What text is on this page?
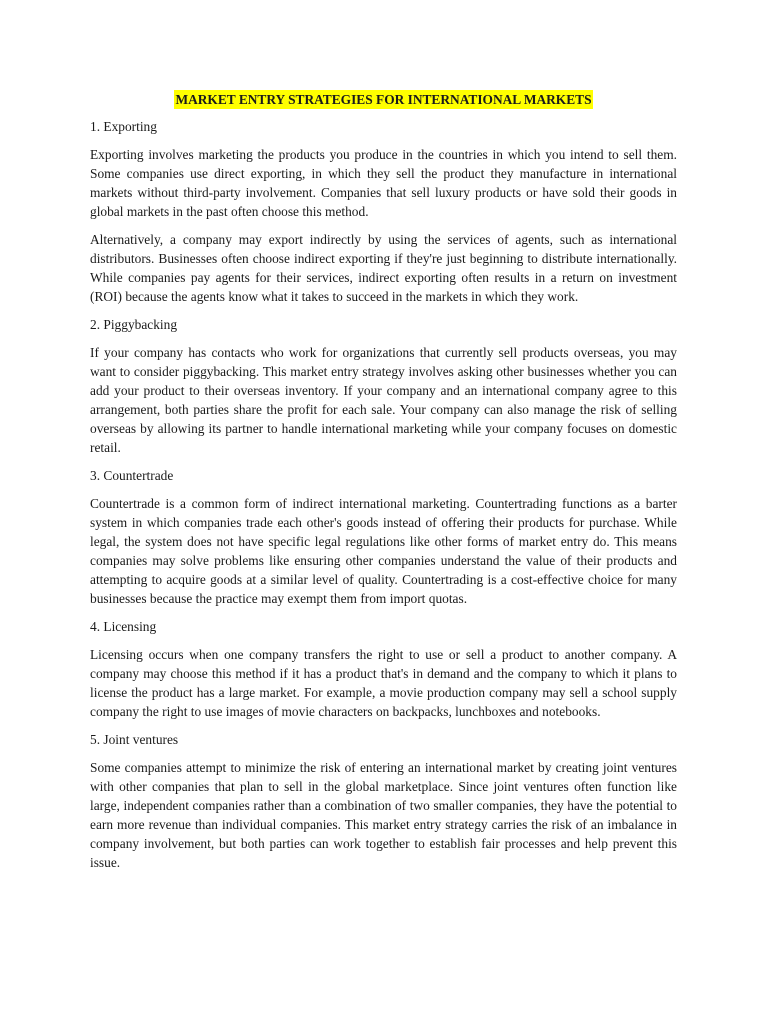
MARKET ENTRY STRATEGIES FOR INTERNATIONAL MARKETS
1. Exporting

Exporting involves marketing the products you produce in the countries in which you intend to sell them. Some companies use direct exporting, in which they sell the product they manufacture in international markets without third-party involvement. Companies that sell luxury products or have sold their goods in global markets in the past often choose this method.

Alternatively, a company may export indirectly by using the services of agents, such as international distributors. Businesses often choose indirect exporting if they're just beginning to distribute internationally. While companies pay agents for their services, indirect exporting often results in a return on investment (ROI) because the agents know what it takes to succeed in the markets in which they work.

2. Piggybacking

If your company has contacts who work for organizations that currently sell products overseas, you may want to consider piggybacking. This market entry strategy involves asking other businesses whether you can add your product to their overseas inventory. If your company and an international company agree to this arrangement, both parties share the profit for each sale. Your company can also manage the risk of selling overseas by allowing its partner to handle international marketing while your company focuses on domestic retail.

3. Countertrade

Countertrade is a common form of indirect international marketing. Countertrading functions as a barter system in which companies trade each other's goods instead of offering their products for purchase. While legal, the system does not have specific legal regulations like other forms of market entry do. This means companies may solve problems like ensuring other companies understand the value of their products and attempting to acquire goods at a similar level of quality. Countertrading is a cost-effective choice for many businesses because the practice may exempt them from import quotas.

4. Licensing

Licensing occurs when one company transfers the right to use or sell a product to another company. A company may choose this method if it has a product that's in demand and the company to which it plans to license the product has a large market. For example, a movie production company may sell a school supply company the right to use images of movie characters on backpacks, lunchboxes and notebooks.

5. Joint ventures

Some companies attempt to minimize the risk of entering an international market by creating joint ventures with other companies that plan to sell in the global marketplace. Since joint ventures often function like large, independent companies rather than a combination of two smaller companies, they have the potential to earn more revenue than individual companies. This market entry strategy carries the risk of an imbalance in company involvement, but both parties can work together to establish fair processes and help prevent this issue.
